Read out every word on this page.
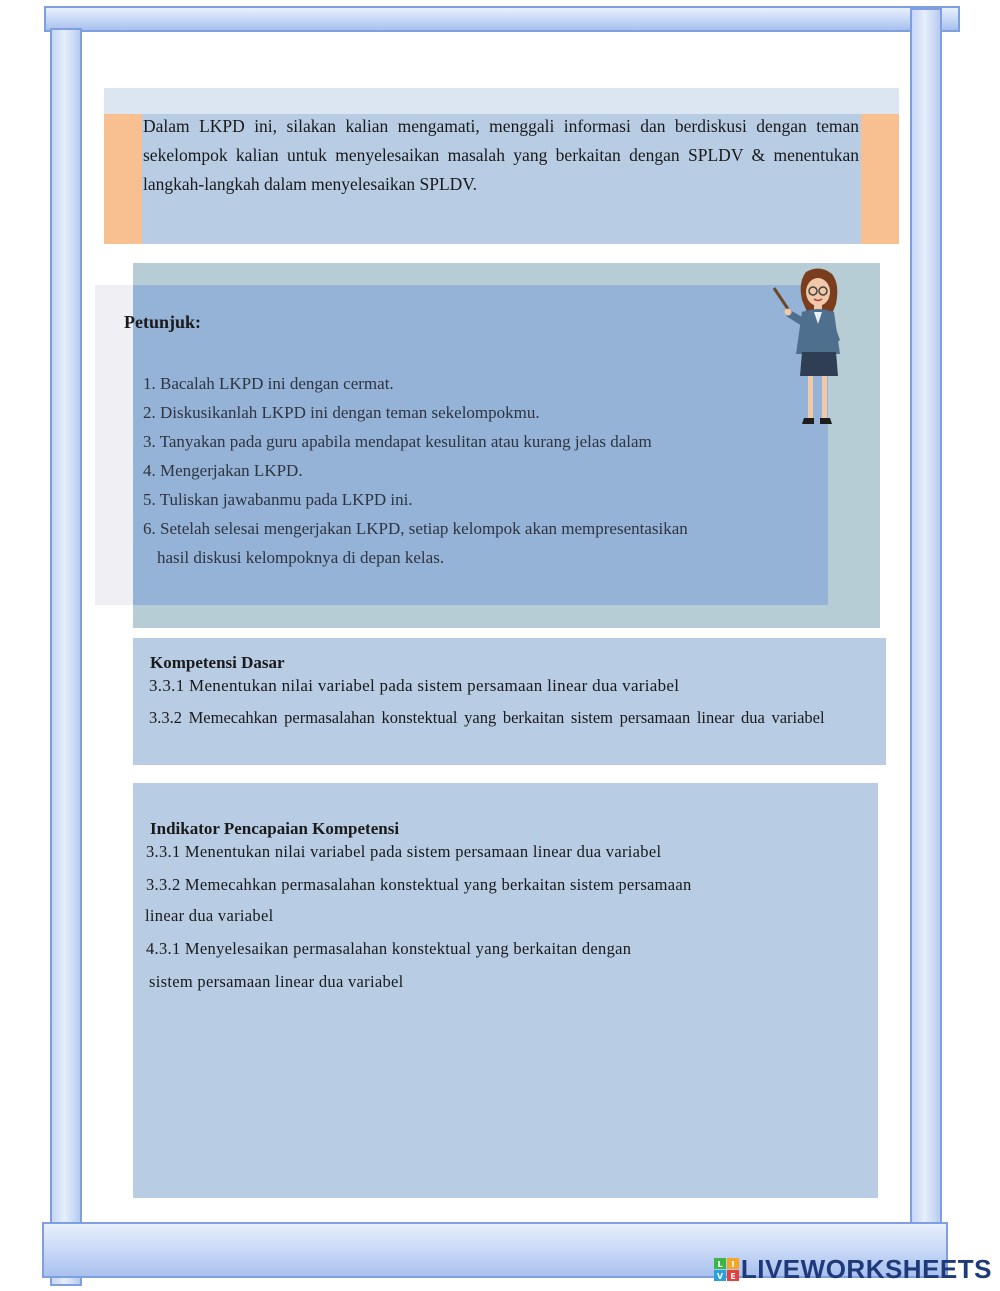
Dalam LKPD ini, silakan kalian mengamati, menggali informasi dan berdiskusi dengan teman sekelompok kalian untuk menyelesaikan masalah yang berkaitan dengan SPLDV & menentukan langkah-langkah dalam menyelesaikan SPLDV.

Petunjuk:

1. Bacalah LKPD ini dengan cermat.
2. Diskusikanlah LKPD ini dengan teman sekelompokmu.
3. Tanyakan pada guru apabila mendapat kesulitan atau kurang jelas dalam
4. Mengerjakan LKPD.
5. Tuliskan jawabanmu pada LKPD ini.
6. Setelah selesai mengerjakan LKPD, setiap kelompok akan mempresentasikan
hasil diskusi kelompoknya di depan kelas.

Kompetensi Dasar

3.3.1 Menentukan nilai variabel pada sistem persamaan linear dua variabel

3.3.2 Memecahkan permasalahan konstektual yang berkaitan sistem persamaan linear dua variabel

Indikator Pencapaian Kompetensi

3.3.1 Menentukan nilai variabel pada sistem persamaan linear dua variabel

3.3.2 Memecahkan permasalahan konstektual yang berkaitan sistem persamaan

linear dua variabel

4.3.1 Menyelesaikan permasalahan konstektual yang berkaitan dengan

sistem persamaan linear dua variabel

L I
V E LIVEWORKSHEETS
